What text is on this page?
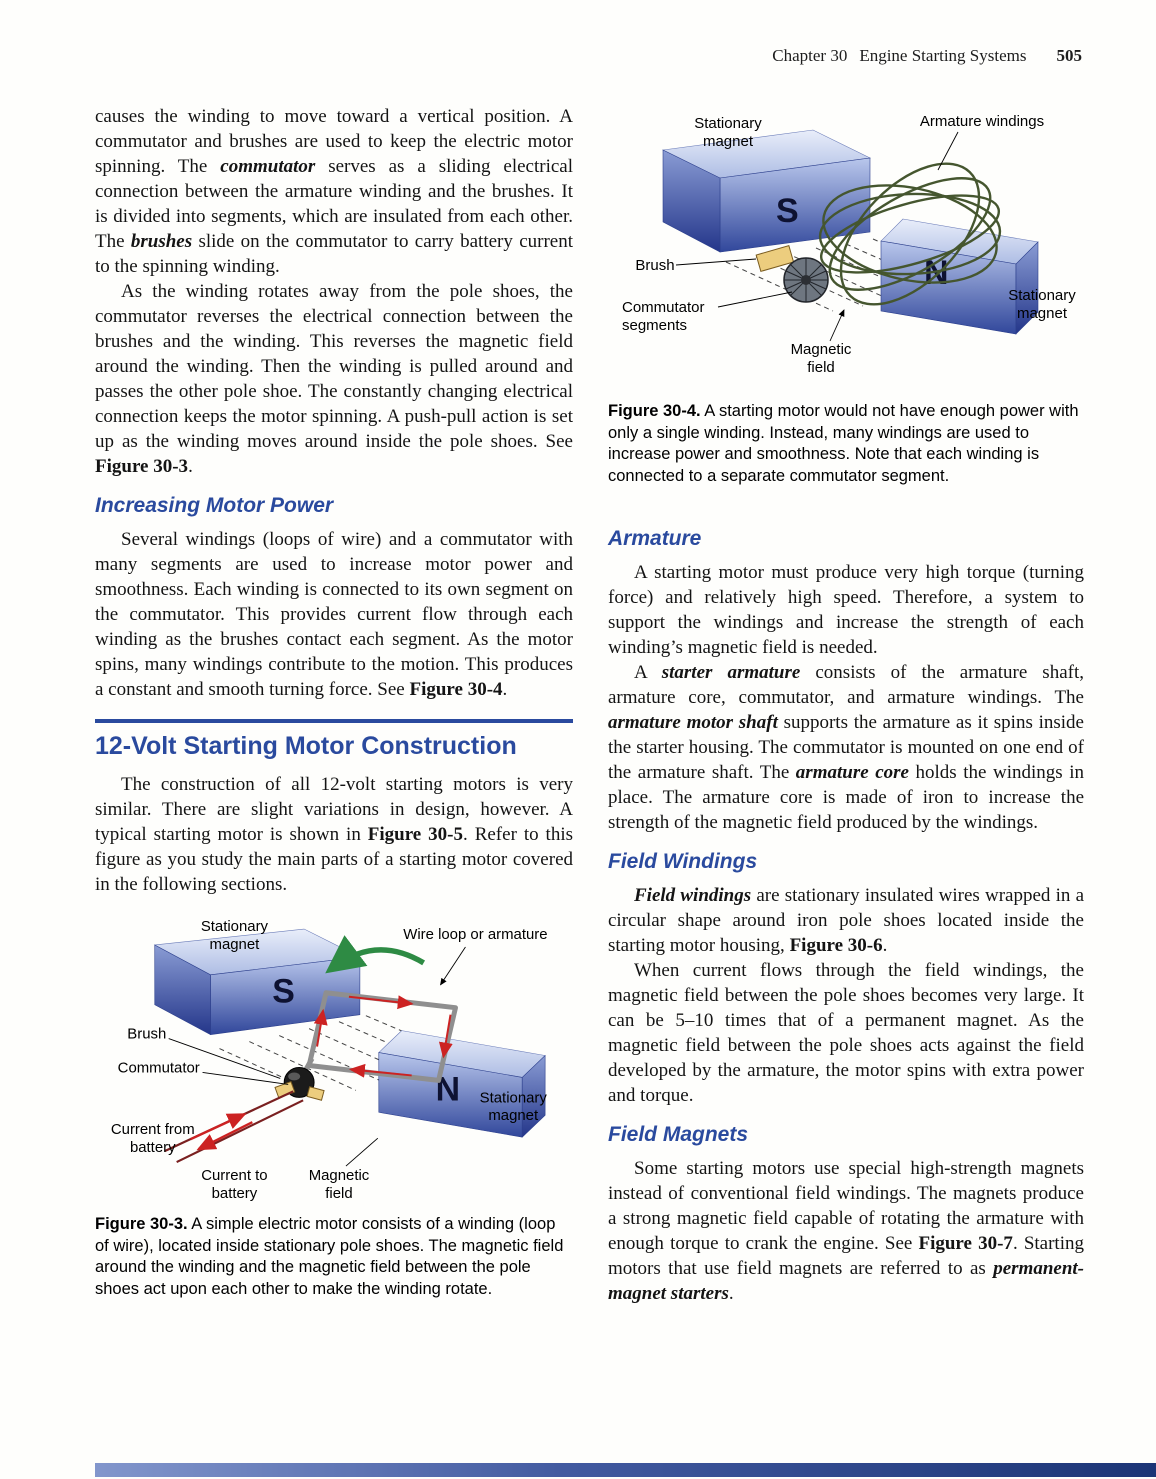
Chapter 30 Engine Starting Systems 505

causes the winding to move toward a vertical position. A commutator and brushes are used to keep the electric motor spinning. The commutator serves as a sliding electrical connection between the armature winding and the brushes. It is divided into segments, which are insulated from each other. The brushes slide on the commutator to carry battery current to the spinning winding.

As the winding rotates away from the pole shoes, the commutator reverses the electrical connection between the brushes and the winding. This reverses the magnetic field around the winding. Then the winding is pulled around and passes the other pole shoe. The constantly changing electrical connection keeps the motor spinning. A push-pull action is set up as the winding moves around inside the pole shoes. See Figure 30-3.

Increasing Motor Power

Several windings (loops of wire) and a commutator with many segments are used to increase motor power and smoothness. Each winding is connected to its own segment on the commutator. This provides current flow through each winding as the brushes contact each segment. As the motor spins, many windings contribute to the motion. This produces a constant and smooth turning force. See Figure 30-4.

12-Volt Starting Motor Construction

The construction of all 12-volt starting motors is very similar. There are slight variations in design, however. A typical starting motor is shown in Figure 30-5. Refer to this figure as you study the main parts of a starting motor covered in the following sections.

S
N
Stationary
magnet
Wire loop or armature
Brush
Commutator
Current from
battery
Current to
battery
Magnetic
field
Stationary
magnet

Figure 30-3. A simple electric motor consists of a winding (loop of wire), located inside stationary pole shoes. The magnetic field around the winding and the magnetic field between the pole shoes act upon each other to make the winding rotate.

S
N
Stationary
magnet
Armature windings
Brush
Commutator
segments
Magnetic
field
Stationary
magnet

Figure 30-4. A starting motor would not have enough power with only a single winding. Instead, many windings are used to increase power and smoothness. Note that each winding is connected to a separate commutator segment.

Armature

A starting motor must produce very high torque (turning force) and relatively high speed. Therefore, a system to support the windings and increase the strength of each winding’s magnetic field is needed.

A starter armature consists of the armature shaft, armature core, commutator, and armature windings. The armature motor shaft supports the armature as it spins inside the starter housing. The commutator is mounted on one end of the armature shaft. The armature core holds the windings in place. The armature core is made of iron to increase the strength of the magnetic field produced by the windings.

Field Windings

Field windings are stationary insulated wires wrapped in a circular shape around iron pole shoes located inside the starting motor housing, Figure 30-6.

When current flows through the field windings, the magnetic field between the pole shoes becomes very large. It can be 5–10 times that of a permanent magnet. As the magnetic field between the pole shoes acts against the field developed by the armature, the motor spins with extra power and torque.

Field Magnets

Some starting motors use special high-strength magnets instead of conventional field windings. The magnets produce a strong magnetic field capable of rotating the armature with enough torque to crank the engine. See Figure 30-7. Starting motors that use field magnets are referred to as permanent-magnet starters.
